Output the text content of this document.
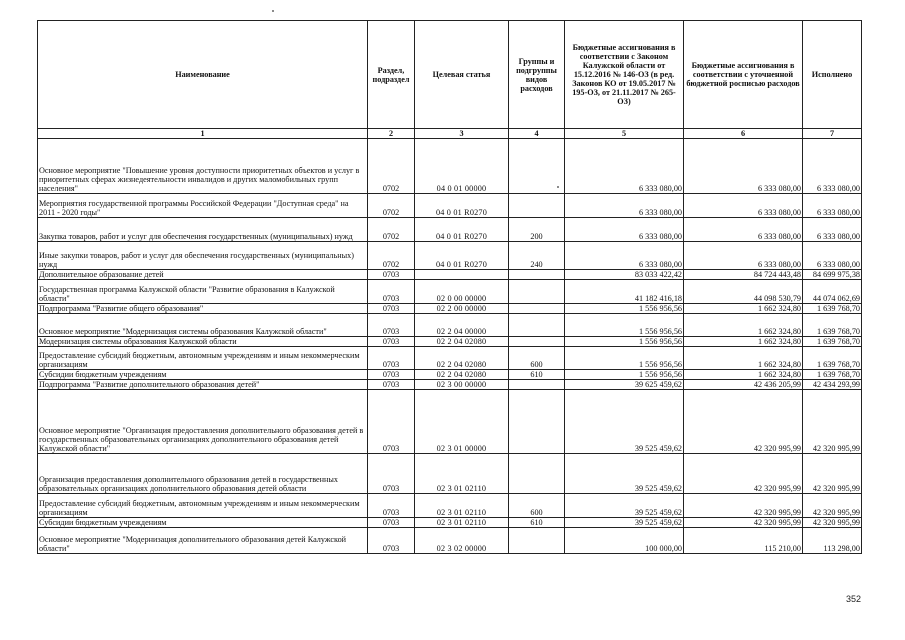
Наименование	Раздел, подраздел	Целевая статья	Группы и подгруппы видов расходов	Бюджетные ассигнования в соответствии с Законом Калужской области от 15.12.2016 № 146-ОЗ (в ред. Законов КО от 19.05.2017 № 195-ОЗ, от 21.11.2017 № 265-ОЗ)	Бюджетные ассигнования в соответствии с уточненной бюджетной росписью расходов	Исполнено
1	2	3	4	5	6	7
Основное мероприятие "Повышение уровня доступности приоритетных объектов и услуг в приоритетных сферах жизнедеятельности инвалидов и других маломобильных групп населения"	0702	04 0 01 00000		6 333 080,00	6 333 080,00	6 333 080,00
Мероприятия государственной программы Российской Федерации "Доступная среда" на 2011 - 2020 годы"	0702	04 0 01 R0270		6 333 080,00	6 333 080,00	6 333 080,00
Закупка товаров, работ и услуг для обеспечения государственных (муниципальных) нужд	0702	04 0 01 R0270	200	6 333 080,00	6 333 080,00	6 333 080,00
Иные закупки товаров, работ и услуг для обеспечения государственных (муниципальных) нужд	0702	04 0 01 R0270	240	6 333 080,00	6 333 080,00	6 333 080,00
Дополнительное образование детей	0703			83 033 422,42	84 724 443,48	84 699 975,38
Государственная программа Калужской области "Развитие образования в Калужской области"	0703	02 0 00 00000		41 182 416,18	44 098 530,79	44 074 062,69
Подпрограмма "Развитие общего образования"	0703	02 2 00 00000		1 556 956,56	1 662 324,80	1 639 768,70
Основное мероприятие "Модернизация системы образования Калужской области"	0703	02 2 04 00000		1 556 956,56	1 662 324,80	1 639 768,70
Модернизация системы образования Калужской области	0703	02 2 04 02080		1 556 956,56	1 662 324,80	1 639 768,70
Предоставление субсидий бюджетным, автономным учреждениям и иным некоммерческим организациям	0703	02 2 04 02080	600	1 556 956,56	1 662 324,80	1 639 768,70
Субсидии бюджетным учреждениям	0703	02 2 04 02080	610	1 556 956,56	1 662 324,80	1 639 768,70
Подпрограмма "Развитие дополнительного образования детей"	0703	02 3 00 00000		39 625 459,62	42 436 205,99	42 434 293,99
Основное мероприятие "Организация предоставления дополнительного образования детей в государственных образовательных организациях дополнительного образования детей Калужской области"	0703	02 3 01 00000		39 525 459,62	42 320 995,99	42 320 995,99
Организация предоставления дополнительного образования детей в государственных образовательных организациях дополнительного образования детей области	0703	02 3 01 02110		39 525 459,62	42 320 995,99	42 320 995,99
Предоставление субсидий бюджетным, автономным учреждениям и иным некоммерческим организациям	0703	02 3 01 02110	600	39 525 459,62	42 320 995,99	42 320 995,99
Субсидии бюджетным учреждениям	0703	02 3 01 02110	610	39 525 459,62	42 320 995,99	42 320 995,99
Основное мероприятие "Модернизация дополнительного образования детей Калужской области"	0703	02 3 02 00000		100 000,00	115 210,00	113 298,00
352
